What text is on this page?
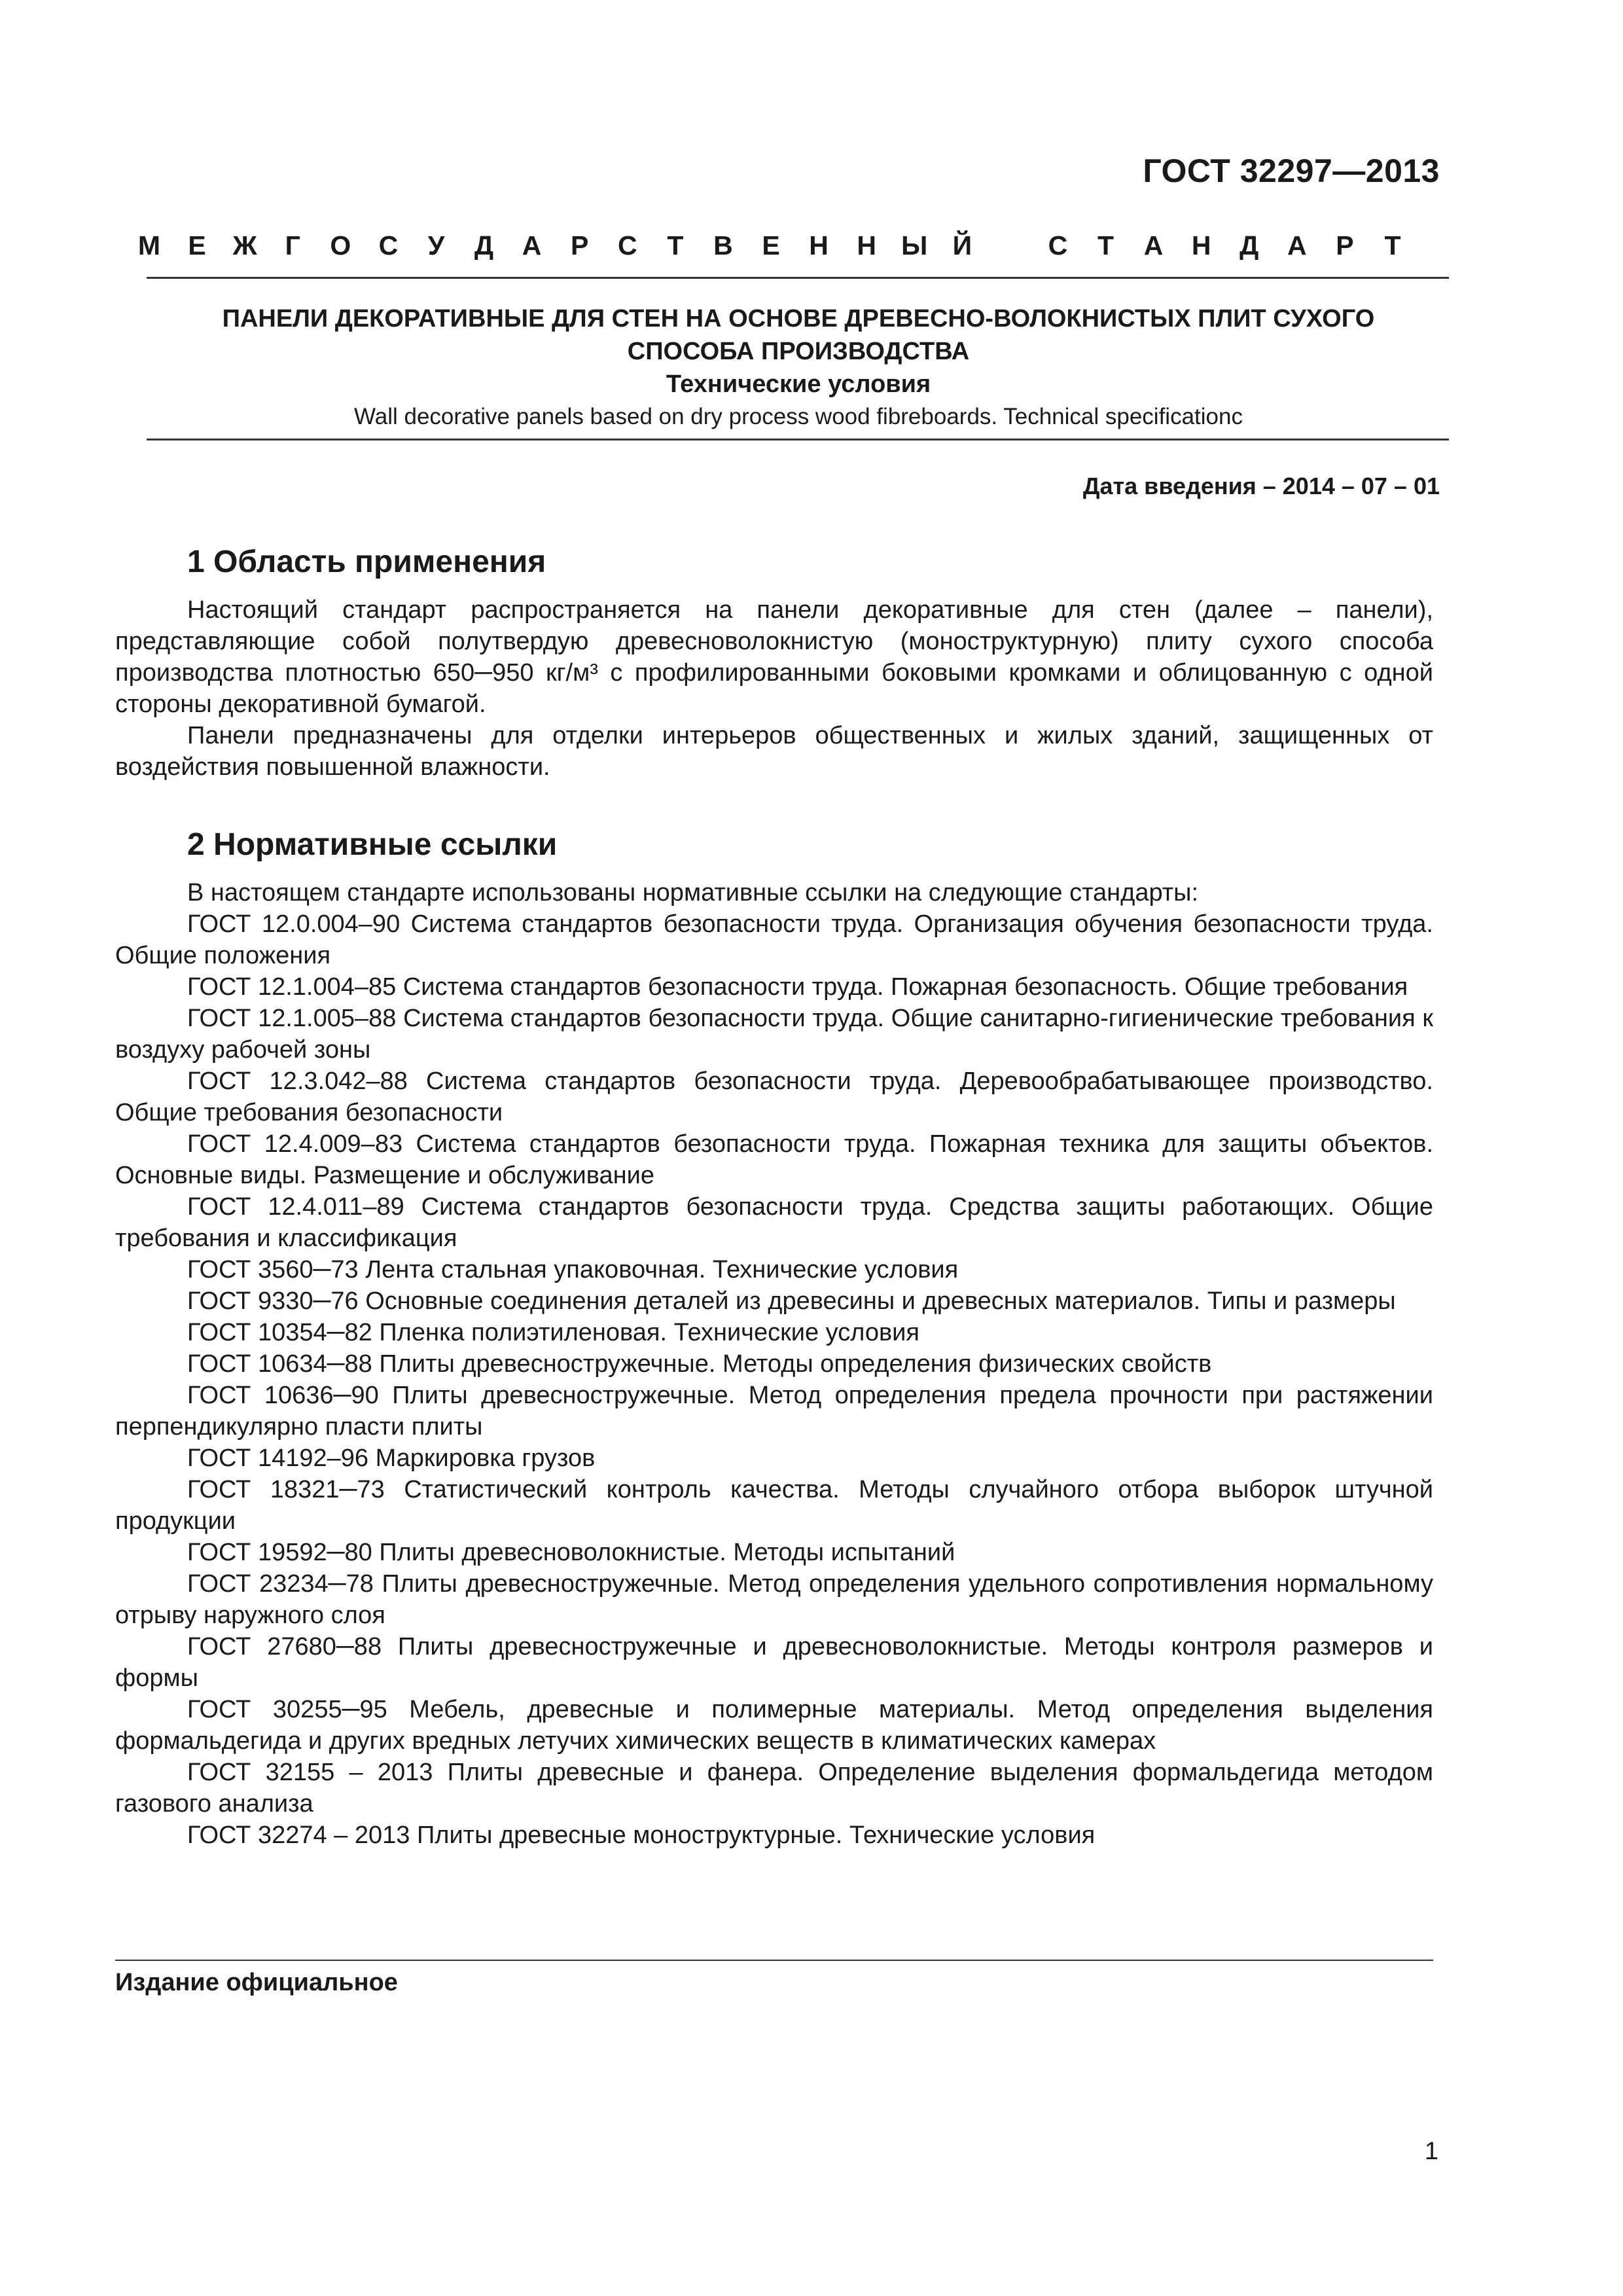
ГОСТ 32297—2013
М Е Ж Г О С У Д А Р С Т В Е Н Н Ы Й	С Т А Н Д А Р Т
ПАНЕЛИ ДЕКОРАТИВНЫЕ ДЛЯ СТЕН НА ОСНОВЕ ДРЕВЕСНО-ВОЛОКНИСТЫХ ПЛИТ СУХОГО
СПОСОБА ПРОИЗВОДСТВА
Технические условия
Wall decorative panels based on dry process wood fibreboards. Technical specificationс
Дата введения – 2014 – 07 – 01
1 Область применения

Настоящий стандарт распространяется на панели декоративные для стен (далее – панели), представляющие собой полутвердую древесноволокнистую (моноструктурную) плиту сухого способа производства плотностью 650─950 кг/м³ с профилированными боковыми кромками и облицованную с одной стороны декоративной бумагой.

Панели предназначены для отделки интерьеров общественных и жилых зданий, защищенных от воздействия повышенной влажности.

2 Нормативные ссылки

В настоящем стандарте использованы нормативные ссылки на следующие стандарты:

ГОСТ 12.0.004–90 Система стандартов безопасности труда. Организация обучения безопасности труда. Общие положения

ГОСТ 12.1.004–85 Система стандартов безопасности труда. Пожарная безопасность. Общие требования

ГОСТ 12.1.005–88 Система стандартов безопасности труда. Общие санитарно-гигиенические требования к воздуху рабочей зоны

ГОСТ 12.3.042–88 Система стандартов безопасности труда. Деревообрабатывающее производство. Общие требования безопасности

ГОСТ 12.4.009–83 Система стандартов безопасности труда. Пожарная техника для защиты объектов. Основные виды. Размещение и обслуживание

ГОСТ 12.4.011–89 Система стандартов безопасности труда. Средства защиты работающих. Общие требования и классификация

ГОСТ 3560─73 Лента стальная упаковочная. Технические условия

ГОСТ 9330─76 Основные соединения деталей из древесины и древесных материалов. Типы и размеры

ГОСТ 10354─82 Пленка полиэтиленовая. Технические условия

ГОСТ 10634─88 Плиты древесностружечные. Методы определения физических свойств

ГОСТ 10636─90 Плиты древесностружечные. Метод определения предела прочности при растяжении перпендикулярно пласти плиты

ГОСТ 14192–96 Маркировка грузов

ГОСТ 18321─73 Статистический контроль качества. Методы случайного отбора выборок штучной продукции

ГОСТ 19592─80 Плиты древесноволокнистые. Методы испытаний

ГОСТ 23234─78 Плиты древесностружечные. Метод определения удельного сопротивления нормальному отрыву наружного слоя

ГОСТ 27680─88 Плиты древесностружечные и древесноволокнистые. Методы контроля размеров и формы

ГОСТ 30255─95 Мебель, древесные и полимерные материалы. Метод определения выделения формальдегида и других вредных летучих химических веществ в климатических камерах

ГОСТ 32155 – 2013 Плиты древесные и фанера. Определение выделения формальдегида методом газового анализа

ГОСТ 32274 – 2013 Плиты древесные моноструктурные. Технические условия

Издание официальное
1
